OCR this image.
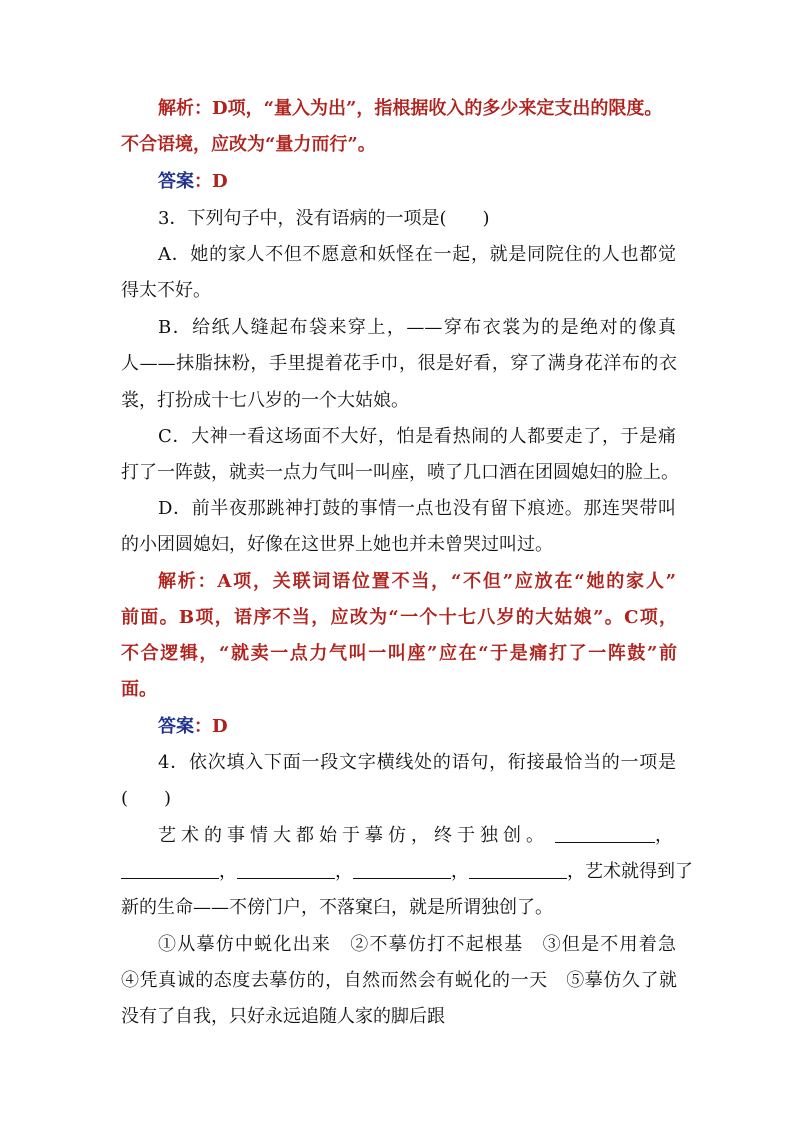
解析：D项，“量入为出”，指根据收入的多少来定支出的限度。
不合语境，应改为“量力而行”。
答案：D
3．下列句子中，没有语病的一项是(　　)
A．她的家人不但不愿意和妖怪在一起，就是同院住的人也都觉
得太不好。
B．给纸人缝起布袋来穿上，——穿布衣裳为的是绝对的像真
人——抹脂抹粉，手里提着花手巾，很是好看，穿了满身花洋布的衣
裳，打扮成十七八岁的一个大姑娘。
C．大神一看这场面不大好，怕是看热闹的人都要走了，于是痛
打了一阵鼓，就卖一点力气叫一叫座，喷了几口酒在团圆媳妇的脸上。
D．前半夜那跳神打鼓的事情一点也没有留下痕迹。那连哭带叫
的小团圆媳妇，好像在这世界上她也并未曾哭过叫过。
解析：A项，关联词语位置不当，“不但”应放在“她的家人”
前面。B项，语序不当，应改为“一个十七八岁的大姑娘”。C项，
不合逻辑，“就卖一点力气叫一叫座”应在“于是痛打了一阵鼓”前
面。
答案：D
4．依次填入下面一段文字横线处的语句，衔接最恰当的一项是
(　　)
艺术的事情大都始于摹仿，终于独创。	，
，	，	，	，艺术就得到了
新的生命——不傍门户，不落窠臼，就是所谓独创了。
①从摹仿中蜕化出来　②不摹仿打不起根基　③但是不用着急
④凭真诚的态度去摹仿的，自然而然会有蜕化的一天　⑤摹仿久了就
没有了自我，只好永远追随人家的脚后跟
